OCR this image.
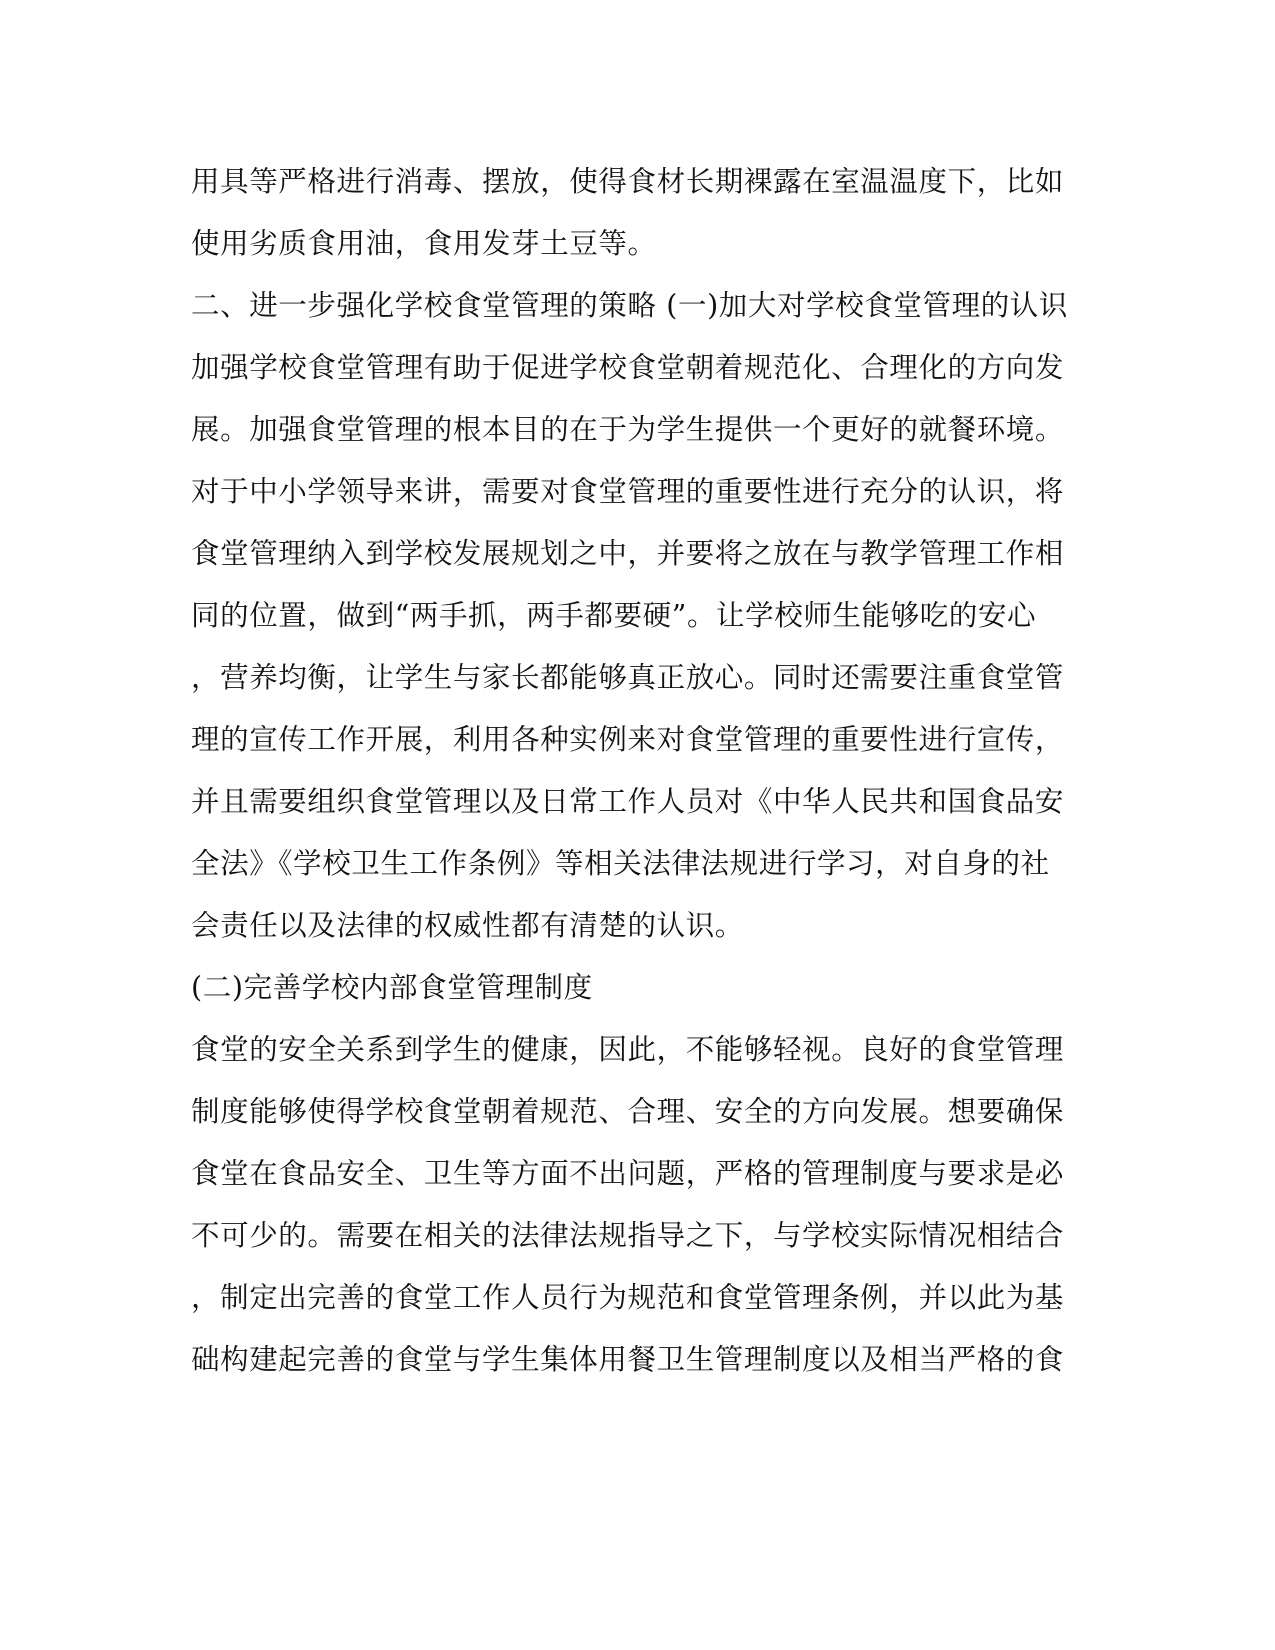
用具等严格进行消毒、摆放，使得食材长期裸露在室温温度下，比如
使用劣质食用油，食用发芽土豆等。
二、进一步强化学校食堂管理的策略 (一)加大对学校食堂管理的认识
加强学校食堂管理有助于促进学校食堂朝着规范化、合理化的方向发
展。加强食堂管理的根本目的在于为学生提供一个更好的就餐环境。
对于中小学领导来讲，需要对食堂管理的重要性进行充分的认识，将
食堂管理纳入到学校发展规划之中，并要将之放在与教学管理工作相
同的位置，做到“两手抓，两手都要硬”。让学校师生能够吃的安心
，营养均衡，让学生与家长都能够真正放心。同时还需要注重食堂管
理的宣传工作开展，利用各种实例来对食堂管理的重要性进行宣传，
并且需要组织食堂管理以及日常工作人员对《中华人民共和国食品安
全法》《学校卫生工作条例》等相关法律法规进行学习，对自身的社
会责任以及法律的权威性都有清楚的认识。
(二)完善学校内部食堂管理制度
食堂的安全关系到学生的健康，因此，不能够轻视。良好的食堂管理
制度能够使得学校食堂朝着规范、合理、安全的方向发展。想要确保
食堂在食品安全、卫生等方面不出问题，严格的管理制度与要求是必
不可少的。需要在相关的法律法规指导之下，与学校实际情况相结合
，制定出完善的食堂工作人员行为规范和食堂管理条例，并以此为基
础构建起完善的食堂与学生集体用餐卫生管理制度以及相当严格的食
